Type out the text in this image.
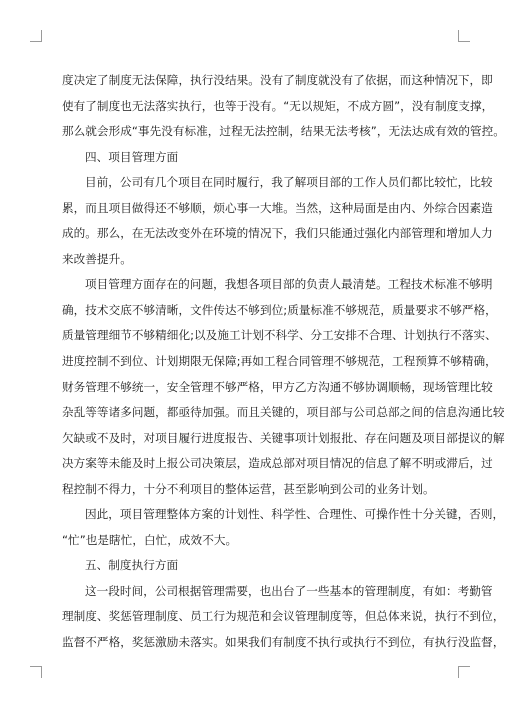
度决定了制度无法保障，执行没结果。没有了制度就没有了依据，而这种情况下，即
使有了制度也无法落实执行，也等于没有。“无以规矩，不成方圆”，没有制度支撑，
那么就会形成“事先没有标准，过程无法控制，结果无法考核”，无法达成有效的管控。
四、项目管理方面
目前，公司有几个项目在同时履行，我了解项目部的工作人员们都比较忙，比较
累，而且项目做得还不够顺，烦心事一大堆。当然，这种局面是由内、外综合因素造
成的。那么，在无法改变外在环境的情况下，我们只能通过强化内部管理和增加人力
来改善提升。
项目管理方面存在的问题，我想各项目部的负责人最清楚。工程技术标准不够明
确，技术交底不够清晰，文件传达不够到位;质量标准不够规范，质量要求不够严格，
质量管理细节不够精细化;以及施工计划不科学、分工安排不合理、计划执行不落实、
进度控制不到位、计划期限无保障;再如工程合同管理不够规范，工程预算不够精确，
财务管理不够统一，安全管理不够严格，甲方乙方沟通不够协调顺畅，现场管理比较
杂乱等等诸多问题，都亟待加强。而且关键的，项目部与公司总部之间的信息沟通比较
欠缺或不及时，对项目履行进度报告、关键事项计划报批、存在问题及项目部提议的解
决方案等未能及时上报公司决策层，造成总部对项目情况的信息了解不明或滞后，过
程控制不得力，十分不利项目的整体运营，甚至影响到公司的业务计划。
因此，项目管理整体方案的计划性、科学性、合理性、可操作性十分关键，否则，
“忙”也是瞎忙，白忙，成效不大。
五、制度执行方面
这一段时间，公司根据管理需要，也出台了一些基本的管理制度，有如：考勤管
理制度、奖惩管理制度、员工行为规范和会议管理制度等，但总体来说，执行不到位，
监督不严格，奖惩激励未落实。如果我们有制度不执行或执行不到位，有执行没监督，
